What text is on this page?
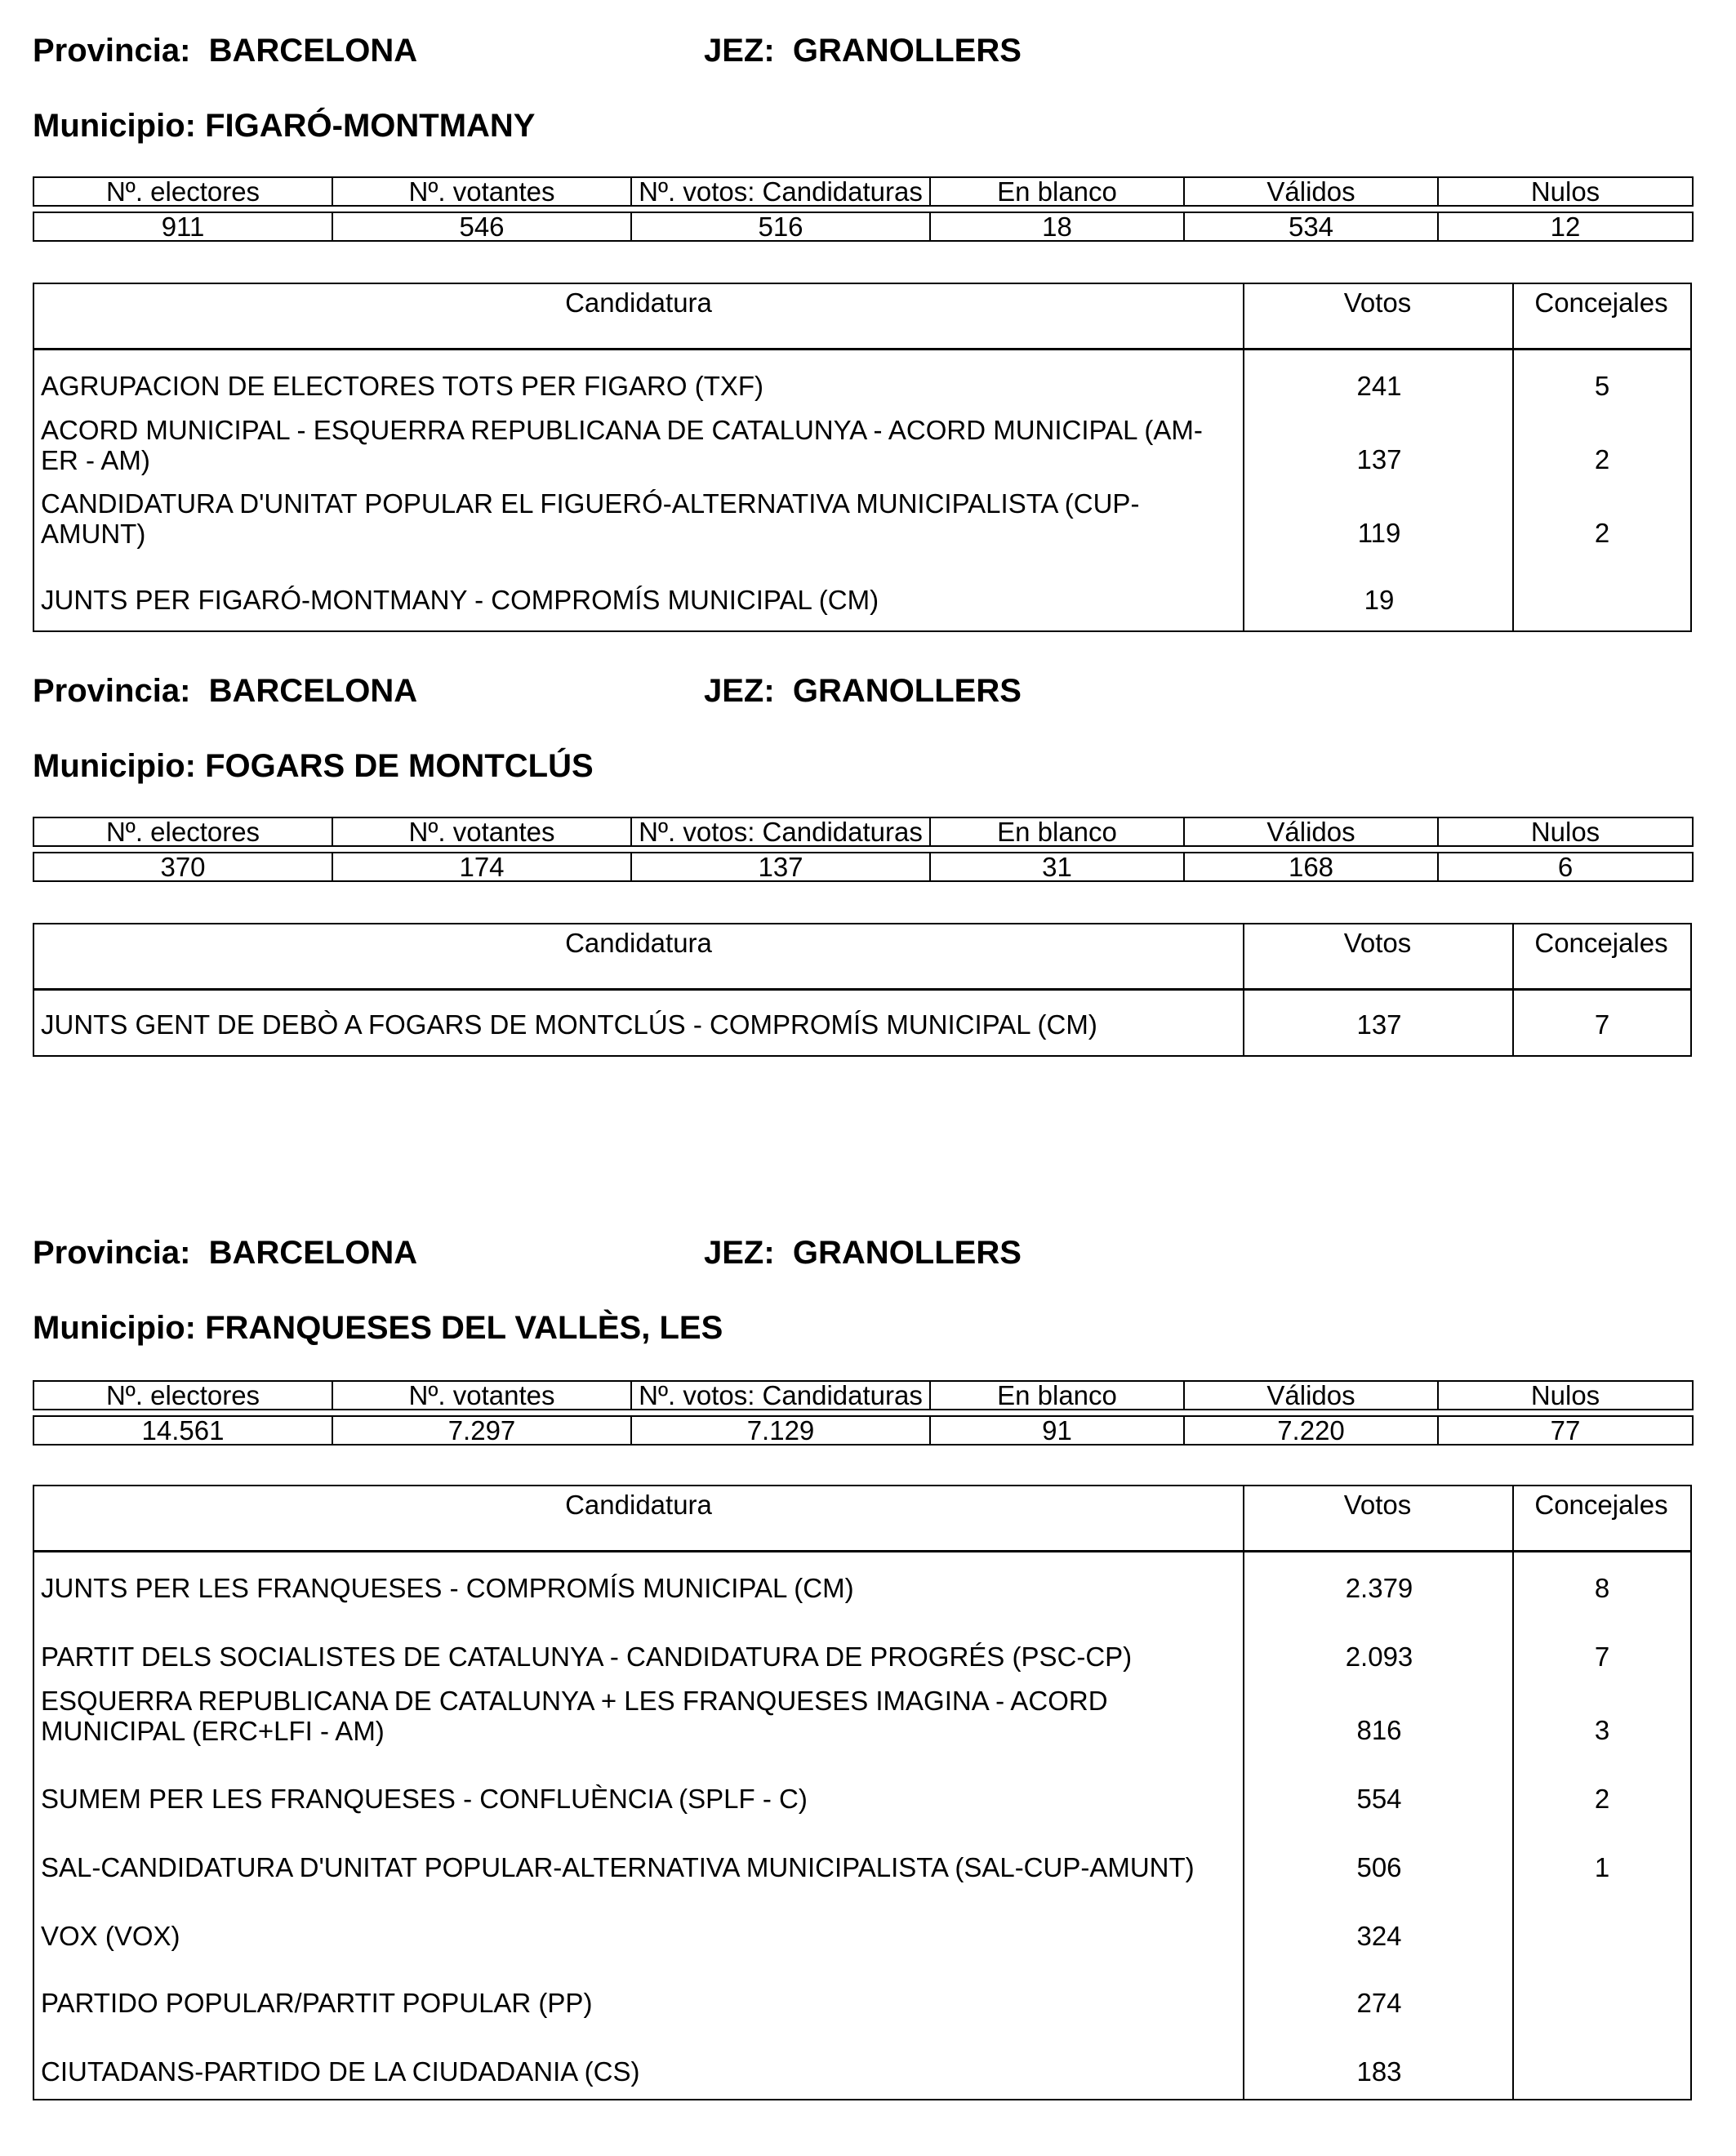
Provincia: BARCELONA	JEZ: GRANOLLERS
Municipio: FIGARÓ-MONTMANY
Nº. electores	Nº. votantes	Nº. votos: Candidaturas	En blanco	Válidos	Nulos

911	546	516	18	534	12
Candidatura	Votos	Concejales
AGRUPACION DE ELECTORES TOTS PER FIGARO (TXF)	241	5
ACORD MUNICIPAL - ESQUERRA REPUBLICANA DE CATALUNYA - ACORD MUNICIPAL (AM-ER - AM)	137	2
CANDIDATURA D'UNITAT POPULAR EL FIGUERÓ-ALTERNATIVA MUNICIPALISTA (CUP-AMUNT)	119	2
JUNTS PER FIGARÓ-MONTMANY - COMPROMÍS MUNICIPAL (CM)	19
Provincia: BARCELONA	JEZ: GRANOLLERS
Municipio: FOGARS DE MONTCLÚS
Nº. electores	Nº. votantes	Nº. votos: Candidaturas	En blanco	Válidos	Nulos

370	174	137	31	168	6
Candidatura	Votos	Concejales
JUNTS GENT DE DEBÒ A FOGARS DE MONTCLÚS - COMPROMÍS MUNICIPAL (CM)	137	7
Provincia: BARCELONA	JEZ: GRANOLLERS
Municipio: FRANQUESES DEL VALLÈS, LES
Nº. electores	Nº. votantes	Nº. votos: Candidaturas	En blanco	Válidos	Nulos

14.561	7.297	7.129	91	7.220	77
Candidatura	Votos	Concejales
JUNTS PER LES FRANQUESES - COMPROMÍS MUNICIPAL (CM)	2.379	8
PARTIT DELS SOCIALISTES DE CATALUNYA - CANDIDATURA DE PROGRÉS (PSC-CP)	2.093	7
ESQUERRA REPUBLICANA DE CATALUNYA + LES FRANQUESES IMAGINA - ACORD MUNICIPAL (ERC+LFI - AM)	816	3
SUMEM PER LES FRANQUESES - CONFLUÈNCIA (SPLF - C)	554	2
SAL-CANDIDATURA D'UNITAT POPULAR-ALTERNATIVA MUNICIPALISTA (SAL-CUP-AMUNT)	506	1
VOX (VOX)	324
PARTIDO POPULAR/PARTIT POPULAR (PP)	274
CIUTADANS-PARTIDO DE LA CIUDADANIA (CS)	183
